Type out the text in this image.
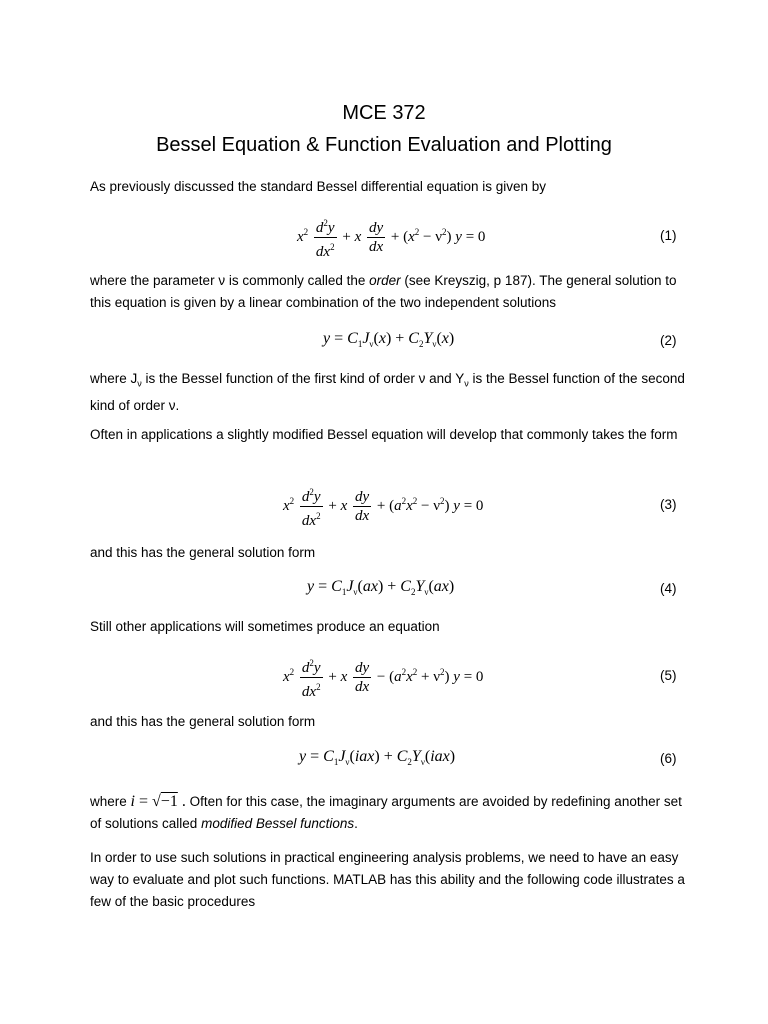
MCE 372
Bessel Equation & Function Evaluation and Plotting
As previously discussed the standard Bessel differential equation is given by
$x^2 \frac{d^2y}{dx^2} + x \frac{dy}{dx} + (x^2 - \nu^2) y = 0$	(1)
where the parameter ν is commonly called the order (see Kreyszig, p 187). The general solution to this equation is given by a linear combination of the two independent solutions
$y = C_1J_\nu(x) + C_2Y_\nu(x)$	(2)
where $J_\nu$ is the Bessel function of the first kind of order ν and $Y_\nu$ is the Bessel function of the second kind of order ν.
Often in applications a slightly modified Bessel equation will develop that commonly takes the form
$x^2 \frac{d^2y}{dx^2} + x \frac{dy}{dx} + (a^2x^2 - \nu^2) y = 0$	(3)
and this has the general solution form
$y = C_1J_\nu(ax) + C_2Y_\nu(ax)$	(4)
Still other applications will sometimes produce an equation
$x^2 \frac{d^2y}{dx^2} + x \frac{dy}{dx} - (a^2x^2 + \nu^2) y = 0$	(5)
and this has the general solution form
$y = C_1J_\nu(iax) + C_2Y_\nu(iax)$	(6)
where i = √−1 . Often for this case, the imaginary arguments are avoided by redefining another set of solutions called modified Bessel functions.
In order to use such solutions in practical engineering analysis problems, we need to have an easy way to evaluate and plot such functions. MATLAB has this ability and the following code illustrates a few of the basic procedures
